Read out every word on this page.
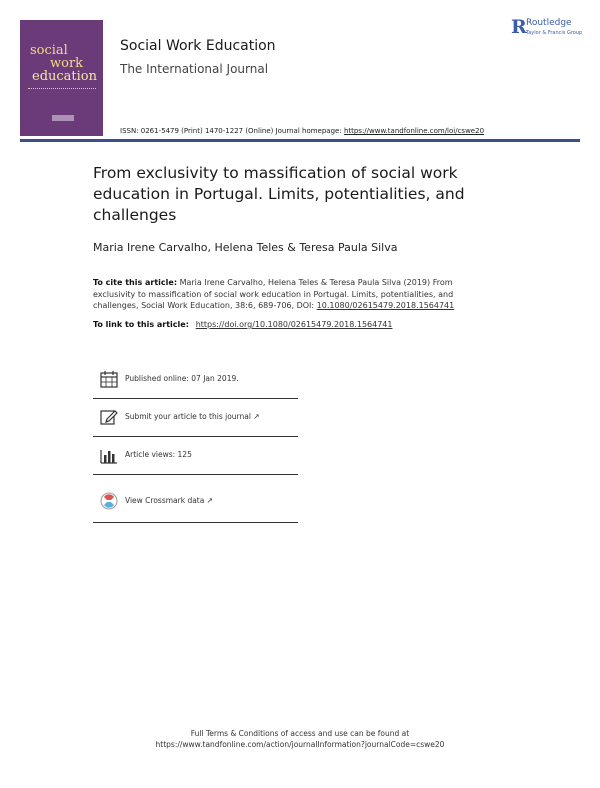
social
work
education
Social Work Education
The International Journal
ISSN: 0261-5479 (Print) 1470-1227 (Online) Journal homepage: https://www.tandfonline.com/loi/cswe20
R Routledge
Taylor & Francis Group
From exclusivity to massification of social work education in Portugal. Limits, potentialities, and challenges
Maria Irene Carvalho, Helena Teles & Teresa Paula Silva
To cite this article: Maria Irene Carvalho, Helena Teles & Teresa Paula Silva (2019) From exclusivity to massification of social work education in Portugal. Limits, potentialities, and challenges, Social Work Education, 38:6, 689-706, DOI: 10.1080/02615479.2018.1564741
To link to this article: https://doi.org/10.1080/02615479.2018.1564741
Published online: 07 Jan 2019.
Submit your article to this journal ↗
Article views: 125
View Crossmark data ↗
Full Terms & Conditions of access and use can be found at
https://www.tandfonline.com/action/journalInformation?journalCode=cswe20
